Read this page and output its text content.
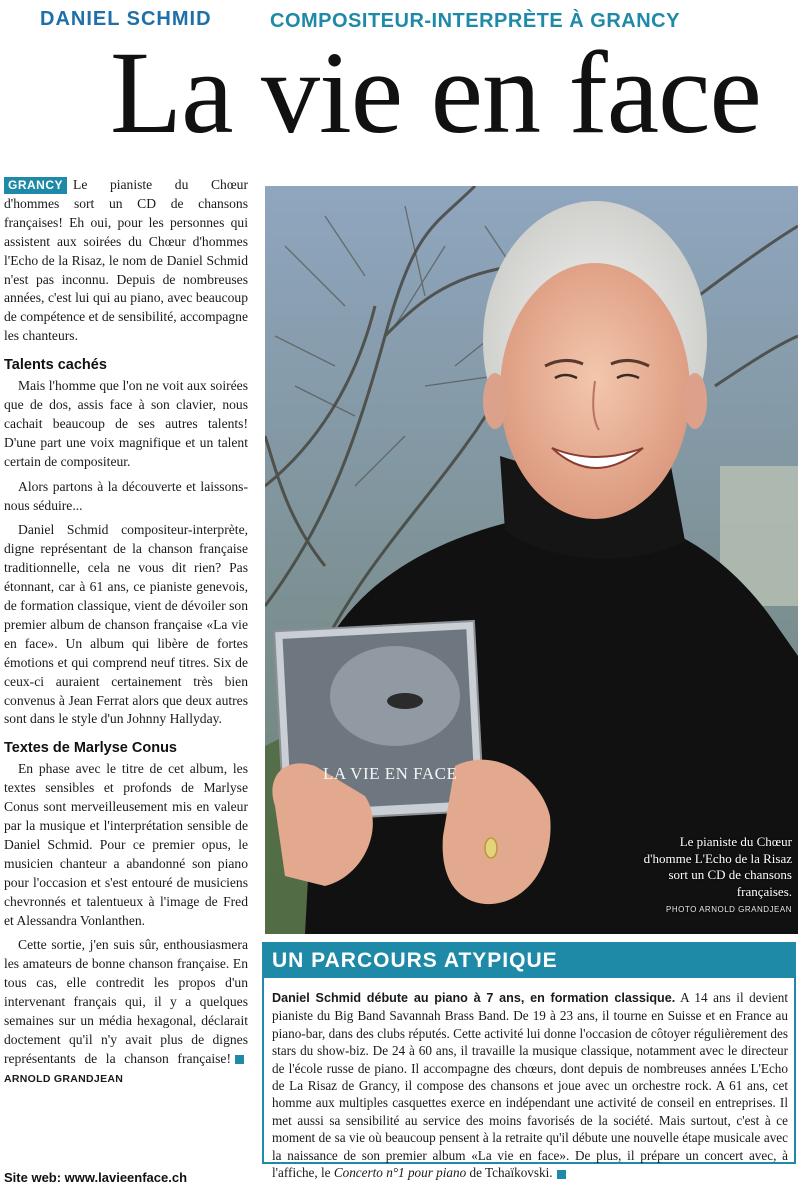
DANIEL SCHMID	COMPOSITEUR-INTERPRÈTE À GRANCY
La vie en face

GRANCY Le pianiste du Chœur d'hommes sort un CD de chansons françaises! Eh oui, pour les personnes qui assistent aux soirées du Chœur d'hommes l'Echo de la Risaz, le nom de Daniel Schmid n'est pas inconnu. Depuis de nombreuses années, c'est lui qui au piano, avec beaucoup de compétence et de sensibilité, accompagne les chanteurs.

Talents cachés

Mais l'homme que l'on ne voit aux soirées que de dos, assis face à son clavier, nous cachait beaucoup de ses autres talents! D'une part une voix magnifique et un talent certain de compositeur.

Alors partons à la découverte et laissons-nous séduire...

Daniel Schmid compositeur-interprète, digne représentant de la chanson française traditionnelle, cela ne vous dit rien? Pas étonnant, car à 61 ans, ce pianiste genevois, de formation classique, vient de dévoiler son premier album de chanson française «La vie en face». Un album qui libère de fortes émotions et qui comprend neuf titres. Six de ceux-ci auraient certainement très bien convenus à Jean Ferrat alors que deux autres sont dans le style d'un Johnny Hallyday.

Textes de Marlyse Conus

En phase avec le titre de cet album, les textes sensibles et profonds de Marlyse Conus sont merveilleusement mis en valeur par la musique et l'interprétation sensible de Daniel Schmid. Pour ce premier opus, le musicien chanteur a abandonné son piano pour l'occasion et s'est entouré de musiciens chevronnés et talentueux à l'image de Fred et Alessandra Vonlanthen.

Cette sortie, j'en suis sûr, enthousiasmera les amateurs de bonne chanson française. En tous cas, elle contredit les propos d'un intervenant français qui, il y a quelques semaines sur un média hexagonal, déclarait doctement qu'il n'y avait plus de dignes représentants de la chanson française!ARNOLD GRANDJEAN

Site web: www.lavieenface.ch
LA VIE EN FACE
Le pianiste du Chœur d'homme L'Echo de la Risaz sort un CD de chansons françaises.
PHOTO ARNOLD GRANDJEAN
UN PARCOURS ATYPIQUE
Daniel Schmid débute au piano à 7 ans, en formation classique. A 14 ans il devient pianiste du Big Band Savannah Brass Band. De 19 à 23 ans, il tourne en Suisse et en France au piano-bar, dans des clubs réputés. Cette activité lui donne l'occasion de côtoyer régulièrement des stars du show-biz. De 24 à 60 ans, il travaille la musique classique, notamment avec le directeur de l'école russe de piano. Il accompagne des chœurs, dont depuis de nombreuses années L'Echo de La Risaz de Grancy, il compose des chansons et joue avec un orchestre rock. A 61 ans, cet homme aux multiples casquettes exerce en indépendant une activité de conseil en entreprises. Il met aussi sa sensibilité au service des moins favorisés de la société. Mais surtout, c'est à ce moment de sa vie où beaucoup pensent à la retraite qu'il débute une nouvelle étape musicale avec la naissance de son premier album «La vie en face». De plus, il prépare un concert avec, à l'affiche, le Concerto n°1 pour piano de Tchaïkovski.
